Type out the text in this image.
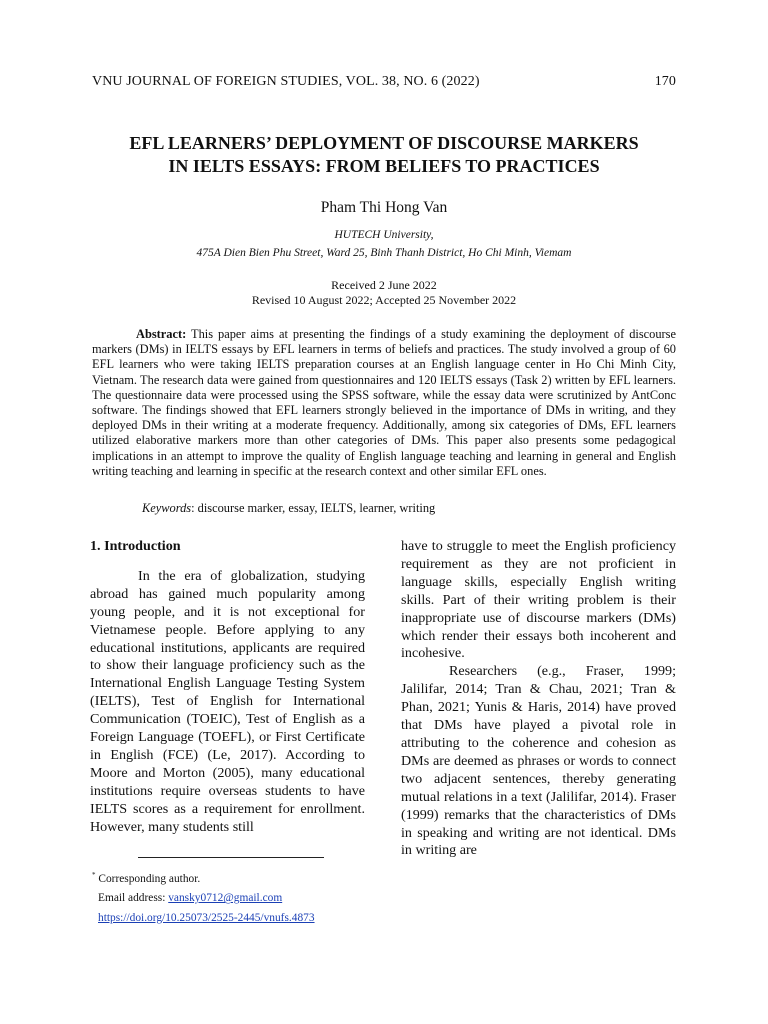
VNU JOURNAL OF FOREIGN STUDIES, VOL. 38, NO. 6 (2022)	170
EFL LEARNERS’ DEPLOYMENT OF DISCOURSE MARKERS
IN IELTS ESSAYS: FROM BELIEFS TO PRACTICES
Pham Thi Hong Van
HUTECH University,
475A Dien Bien Phu Street, Ward 25, Binh Thanh District, Ho Chi Minh, Viemam
Received 2 June 2022
Revised 10 August 2022; Accepted 25 November 2022

Abstract: This paper aims at presenting the findings of a study examining the deployment of discourse markers (DMs) in IELTS essays by EFL learners in terms of beliefs and practices. The study involved a group of 60 EFL learners who were taking IELTS preparation courses at an English language center in Ho Chi Minh City, Vietnam. The research data were gained from questionnaires and 120 IELTS essays (Task 2) written by EFL learners. The questionnaire data were processed using the SPSS software, while the essay data were scrutinized by AntConc software. The findings showed that EFL learners strongly believed in the importance of DMs in writing, and they deployed DMs in their writing at a moderate frequency. Additionally, among six categories of DMs, EFL learners utilized elaborative markers more than other categories of DMs. This paper also presents some pedagogical implications in an attempt to improve the quality of English language teaching and learning in general and English writing teaching and learning in specific at the research context and other similar EFL ones.

Keywords: discourse marker, essay, IELTS, learner, writing

1. Introduction

In the era of globalization, studying abroad has gained much popularity among young people, and it is not exceptional for Vietnamese people. Before applying to any educational institutions, applicants are required to show their language proficiency such as the International English Language Testing System (IELTS), Test of English for International Communication (TOEIC), Test of English as a Foreign Language (TOEFL), or First Certificate in English (FCE) (Le, 2017). According to Moore and Morton (2005), many educational institutions require overseas students to have IELTS scores as a requirement for enrollment. However, many students still

have to struggle to meet the English proficiency requirement as they are not proficient in language skills, especially English writing skills. Part of their writing problem is their inappropriate use of discourse markers (DMs) which render their essays both incoherent and incohesive.

Researchers (e.g., Fraser, 1999; Jalilifar, 2014; Tran & Chau, 2021; Tran & Phan, 2021; Yunis & Haris, 2014) have proved that DMs have played a pivotal role in attributing to the coherence and cohesion as DMs are deemed as phrases or words to connect two adjacent sentences, thereby generating mutual relations in a text (Jalilifar, 2014). Fraser (1999) remarks that the characteristics of DMs in speaking and writing are not identical. DMs in writing are

* Corresponding author.
Email address: vansky0712@gmail.com
https://doi.org/10.25073/2525-2445/vnufs.4873
